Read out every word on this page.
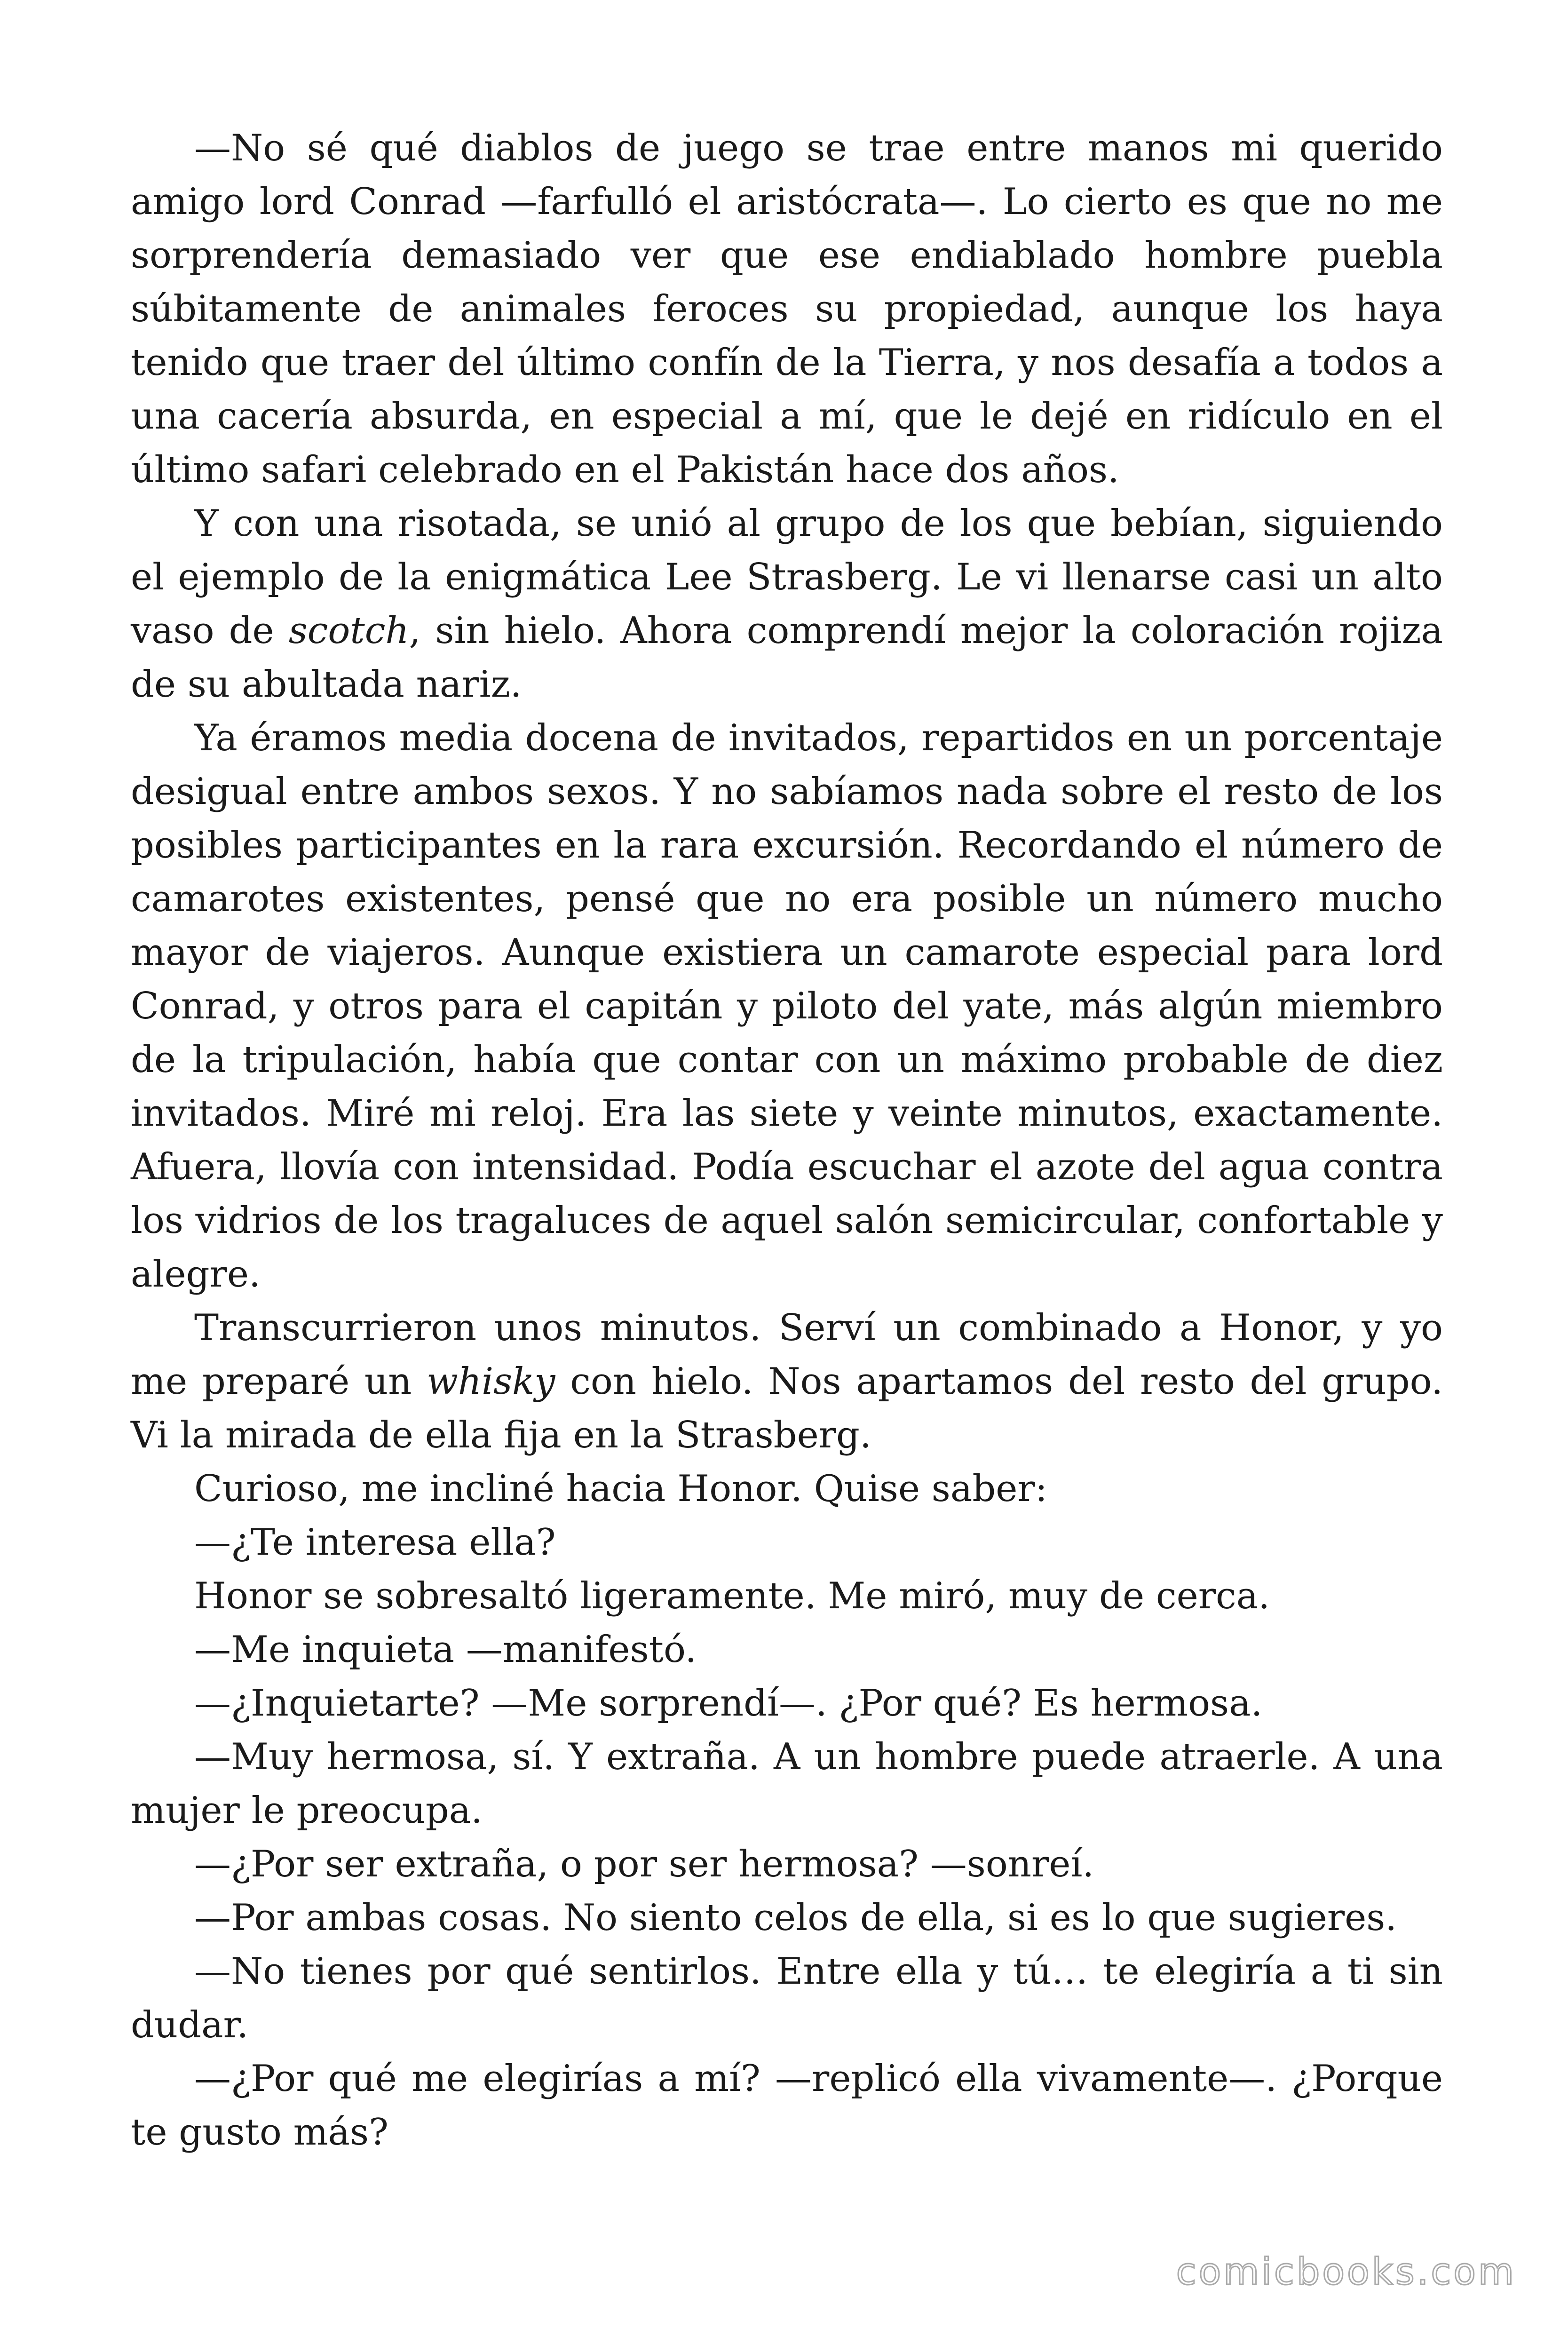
—No sé qué diablos de juego se trae entre manos mi querido amigo lord Conrad —farfulló el aristócrata—. Lo cierto es que no me sorprendería demasiado ver que ese endiablado hombre puebla súbitamente de animales feroces su propiedad, aunque los haya tenido que traer del último confín de la Tierra, y nos desafía a todos a una cacería absurda, en especial a mí, que le dejé en ridículo en el último safari celebrado en el Pakistán hace dos años.

Y con una risotada, se unió al grupo de los que bebían, siguiendo el ejemplo de la enigmática Lee Strasberg. Le vi llenarse casi un alto vaso de scotch, sin hielo. Ahora comprendí mejor la coloración rojiza de su abultada nariz.

Ya éramos media docena de invitados, repartidos en un porcentaje desigual entre ambos sexos. Y no sabíamos nada sobre el resto de los posibles participantes en la rara excursión. Recordando el número de camarotes existentes, pensé que no era posible un número mucho mayor de viajeros. Aunque existiera un camarote especial para lord Conrad, y otros para el capitán y piloto del yate, más algún miembro de la tripulación, había que contar con un máximo probable de diez invitados. Miré mi reloj. Era las siete y veinte minutos, exactamente. Afuera, llovía con intensidad. Podía escuchar el azote del agua contra los vidrios de los tragaluces de aquel salón semicircular, confortable y alegre.

Transcurrieron unos minutos. Serví un combinado a Honor, y yo me preparé un whisky con hielo. Nos apartamos del resto del grupo. Vi la mirada de ella fija en la Strasberg.

Curioso, me incliné hacia Honor. Quise saber:

—¿Te interesa ella?

Honor se sobresaltó ligeramente. Me miró, muy de cerca.

—Me inquieta —manifestó.

—¿Inquietarte? —Me sorprendí—. ¿Por qué? Es hermosa.

—Muy hermosa, sí. Y extraña. A un hombre puede atraerle. A una mujer le preocupa.

—¿Por ser extraña, o por ser hermosa? —sonreí.

—Por ambas cosas. No siento celos de ella, si es lo que sugieres.

—No tienes por qué sentirlos. Entre ella y tú… te elegiría a ti sin dudar.

—¿Por qué me elegirías a mí? —replicó ella vivamente—. ¿Porque te gusto más?

comicbooks.com
